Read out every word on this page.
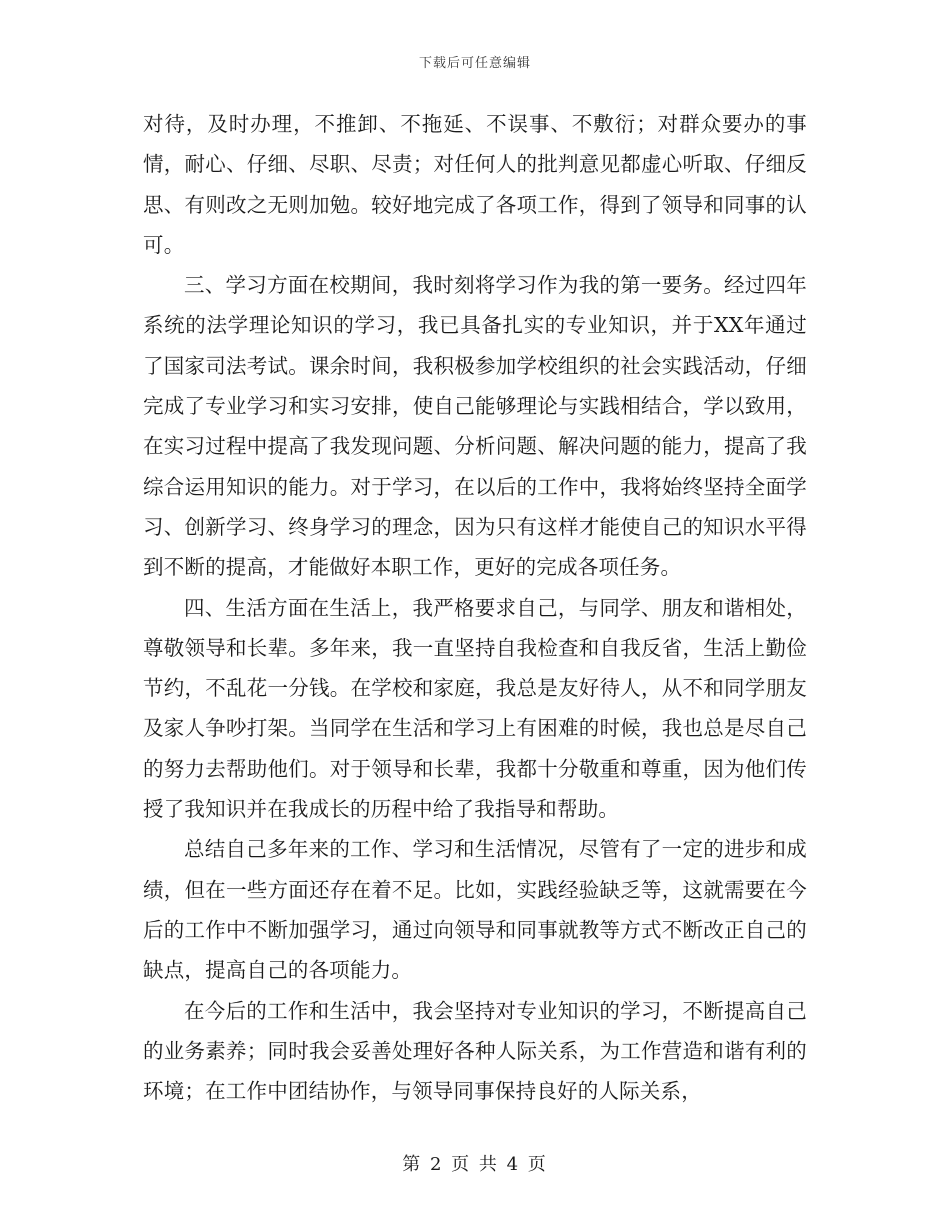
下载后可任意编辑

对待，及时办理，不推卸、不拖延、不误事、不敷衍；对群众要办的事情，耐心、仔细、尽职、尽责；对任何人的批判意见都虚心听取、仔细反思、有则改之无则加勉。较好地完成了各项工作，得到了领导和同事的认可。

三、学习方面在校期间，我时刻将学习作为我的第一要务。经过四年系统的法学理论知识的学习，我已具备扎实的专业知识，并于XX年通过了国家司法考试。课余时间，我积极参加学校组织的社会实践活动，仔细完成了专业学习和实习安排，使自己能够理论与实践相结合，学以致用，在实习过程中提高了我发现问题、分析问题、解决问题的能力，提高了我综合运用知识的能力。对于学习，在以后的工作中，我将始终坚持全面学习、创新学习、终身学习的理念，因为只有这样才能使自己的知识水平得到不断的提高，才能做好本职工作，更好的完成各项任务。

四、生活方面在生活上，我严格要求自己，与同学、朋友和谐相处，尊敬领导和长辈。多年来，我一直坚持自我检查和自我反省，生活上勤俭节约，不乱花一分钱。在学校和家庭，我总是友好待人，从不和同学朋友及家人争吵打架。当同学在生活和学习上有困难的时候，我也总是尽自己的努力去帮助他们。对于领导和长辈，我都十分敬重和尊重，因为他们传授了我知识并在我成长的历程中给了我指导和帮助。

总结自己多年来的工作、学习和生活情况，尽管有了一定的进步和成绩，但在一些方面还存在着不足。比如，实践经验缺乏等，这就需要在今后的工作中不断加强学习，通过向领导和同事就教等方式不断改正自己的缺点，提高自己的各项能力。

在今后的工作和生活中，我会坚持对专业知识的学习，不断提高自己的业务素养；同时我会妥善处理好各种人际关系，为工作营造和谐有利的环境；在工作中团结协作，与领导同事保持良好的人际关系，

第 2 页 共 4 页
